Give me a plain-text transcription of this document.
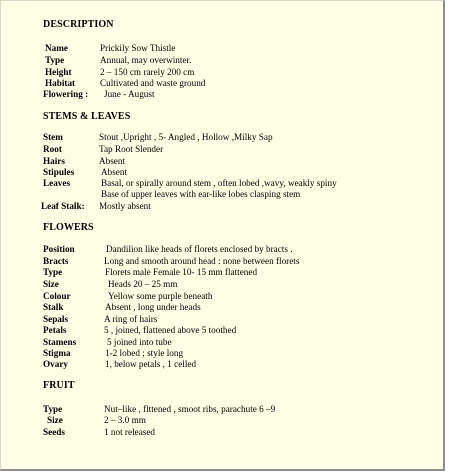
DESCRIPTION
Name	Prickily Sow Thistle
Type	Annual, may overwinter.
Height	2 – 150 cm rarely 200 cm
Habitat	Cultivated and waste ground
Flowering : June - August
STEMS & LEAVES
Stem	Stout ,Upright , 5- Angled , Hollow ,Milky Sap
Root	Tap Root Slender
Hairs	Absent
Stipules	Absent
Leaves	Basal, or spirally around stem , often lobed ,wavy, weakly spiny
Base of upper leaves with ear-like lobes clasping stem
Leaf Stalk: Mostly absent
FLOWERS
Position	Dandilion like heads of florets enclosed by bracts .
Bracts	Long and smooth around head : none between florets
Type	Florets male Female 10- 15 mm flattened
Size	Heads 20 – 25 mm
Colour	Yellow some purple beneath
Stalk	Absent , long under heads
Sepals	A ring of hairs
Petals	5 , joined, flattened above 5 toothed
Stamens	5 joined into tube
Stigma	1-2 lobed ; style long
Ovary	1, below petals , 1 celled
FRUIT
Type	Nut–like , flttened , smoot ribs, parachute 6 –9
Size	2 – 3.0 mm
Seeds	1 not released
